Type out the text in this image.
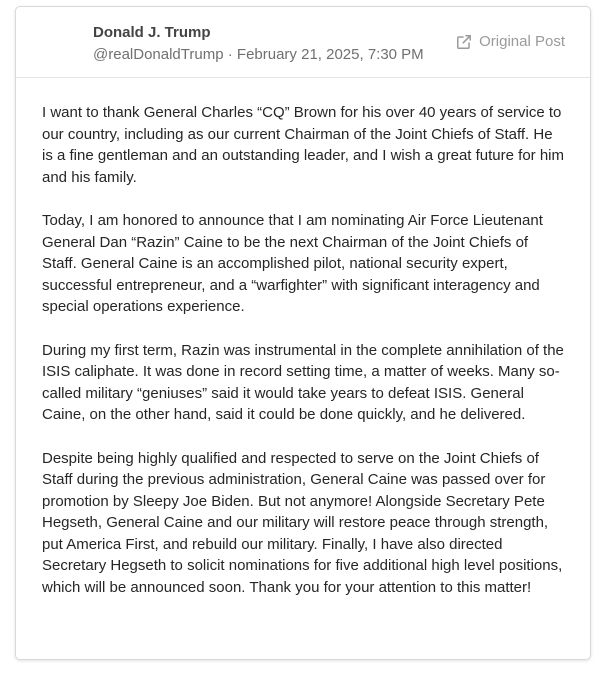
Donald J. Trump
@realDonaldTrump · February 21, 2025, 7:30 PM
Original Post

I want to thank General Charles “CQ” Brown for his over 40 years of service to our country, including as our current Chairman of the Joint Chiefs of Staff. He is a fine gentleman and an outstanding leader, and I wish a great future for him and his family.

Today, I am honored to announce that I am nominating Air Force Lieutenant General Dan “Razin” Caine to be the next Chairman of the Joint Chiefs of Staff. General Caine is an accomplished pilot, national security expert, successful entrepreneur, and a “warfighter” with significant interagency and special operations experience.

During my first term, Razin was instrumental in the complete annihilation of the ISIS caliphate. It was done in record setting time, a matter of weeks. Many so-called military “geniuses” said it would take years to defeat ISIS. General Caine, on the other hand, said it could be done quickly, and he delivered.

Despite being highly qualified and respected to serve on the Joint Chiefs of Staff during the previous administration, General Caine was passed over for promotion by Sleepy Joe Biden. But not anymore! Alongside Secretary Pete Hegseth, General Caine and our military will restore peace through strength, put America First, and rebuild our military. Finally, I have also directed Secretary Hegseth to solicit nominations for five additional high level positions, which will be announced soon. Thank you for your attention to this matter!
